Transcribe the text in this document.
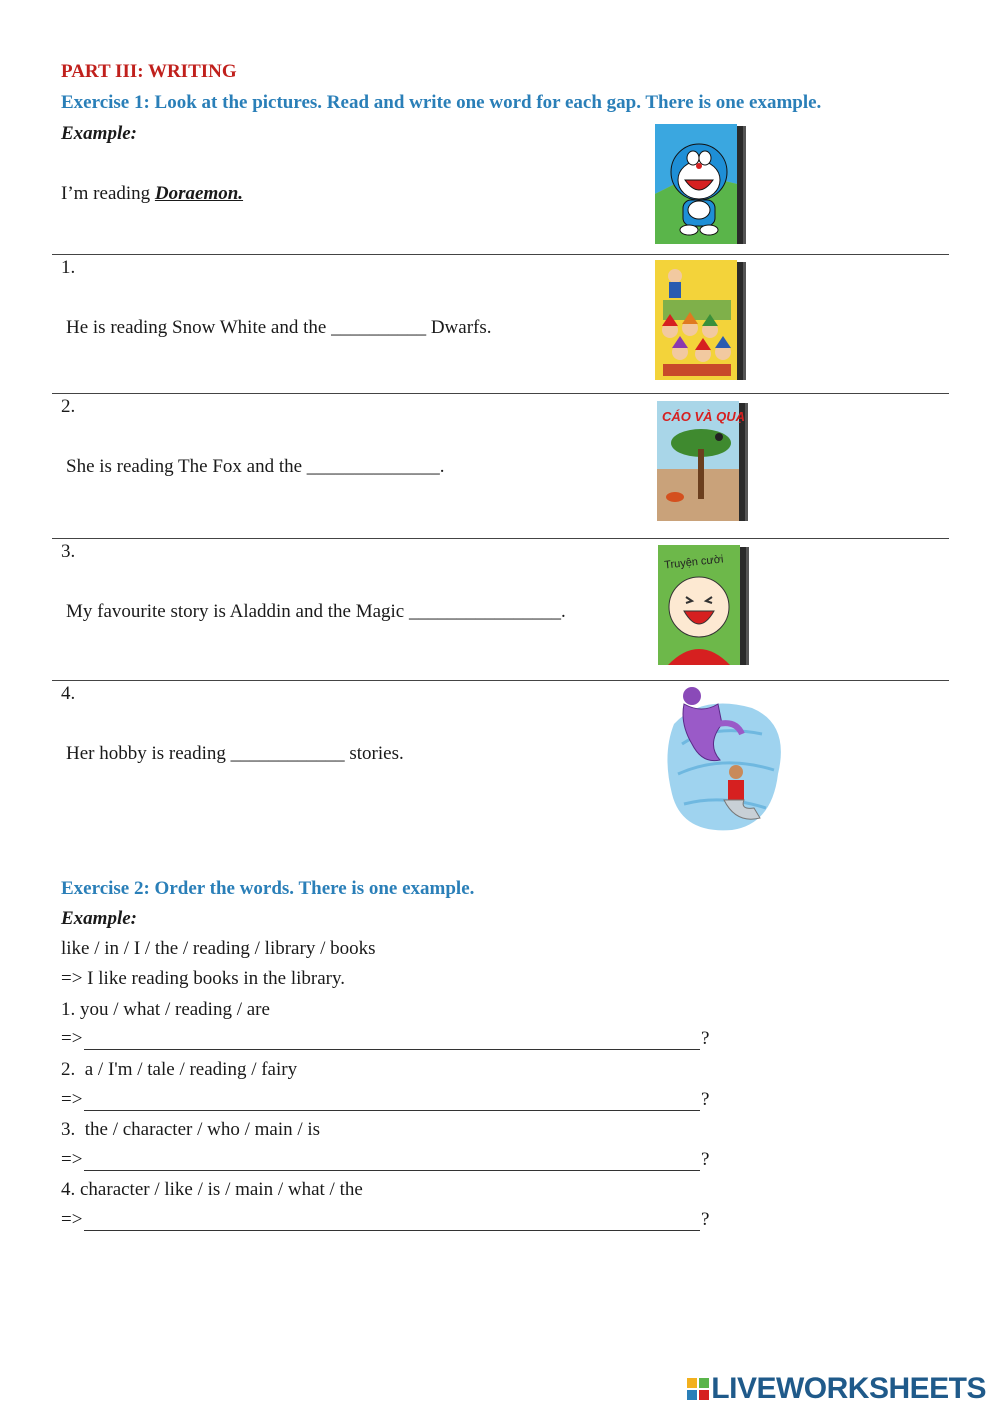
PART III: WRITING
Exercise 1: Look at the pictures. Read and write one word for each gap. There is one example.
Example:
I’m reading Doraemon.
1.
He is reading Snow White and the __________ Dwarfs.
2.
She is reading The Fox and the ______________.
CÁO VÀ QUẠ
3.
My favourite story is Aladdin and the Magic ________________.
Truyện cười
4.
Her hobby is reading ____________ stories.
Exercise 2: Order the words. There is one example.
Example:
like / in / I / the / reading / library / books
=> I like reading books in the library.
1. you / what / reading / are
=>	?
2.  a / I'm / tale / reading / fairy
=>	?
3.  the / character / who / main / is
=>	?
4. character / like / is / main / what / the
=>	?
LIVEWORKSHEETS
